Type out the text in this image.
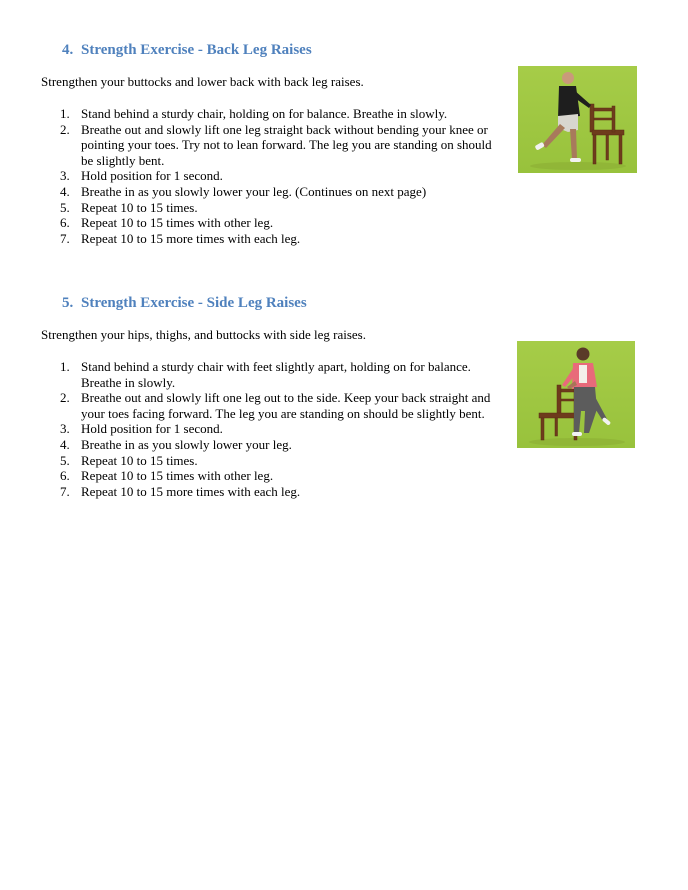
4. Strength Exercise - Back Leg Raises

Strengthen your buttocks and lower back with back leg raises.

1. Stand behind a sturdy chair, holding on for balance. Breathe in slowly.
2. Breathe out and slowly lift one leg straight back without bending your knee or pointing your toes. Try not to lean forward. The leg you are standing on should be slightly bent.
3. Hold position for 1 second.
4. Breathe in as you slowly lower your leg. (Continues on next page)
5. Repeat 10 to 15 times.
6. Repeat 10 to 15 times with other leg.
7. Repeat 10 to 15 more times with each leg.
5. Strength Exercise - Side Leg Raises

Strengthen your hips, thighs, and buttocks with side leg raises.

1. Stand behind a sturdy chair with feet slightly apart, holding on for balance. Breathe in slowly.
2. Breathe out and slowly lift one leg out to the side. Keep your back straight and your toes facing forward. The leg you are standing on should be slightly bent.
3. Hold position for 1 second.
4. Breathe in as you slowly lower your leg.
5. Repeat 10 to 15 times.
6. Repeat 10 to 15 times with other leg.
7. Repeat 10 to 15 more times with each leg.
